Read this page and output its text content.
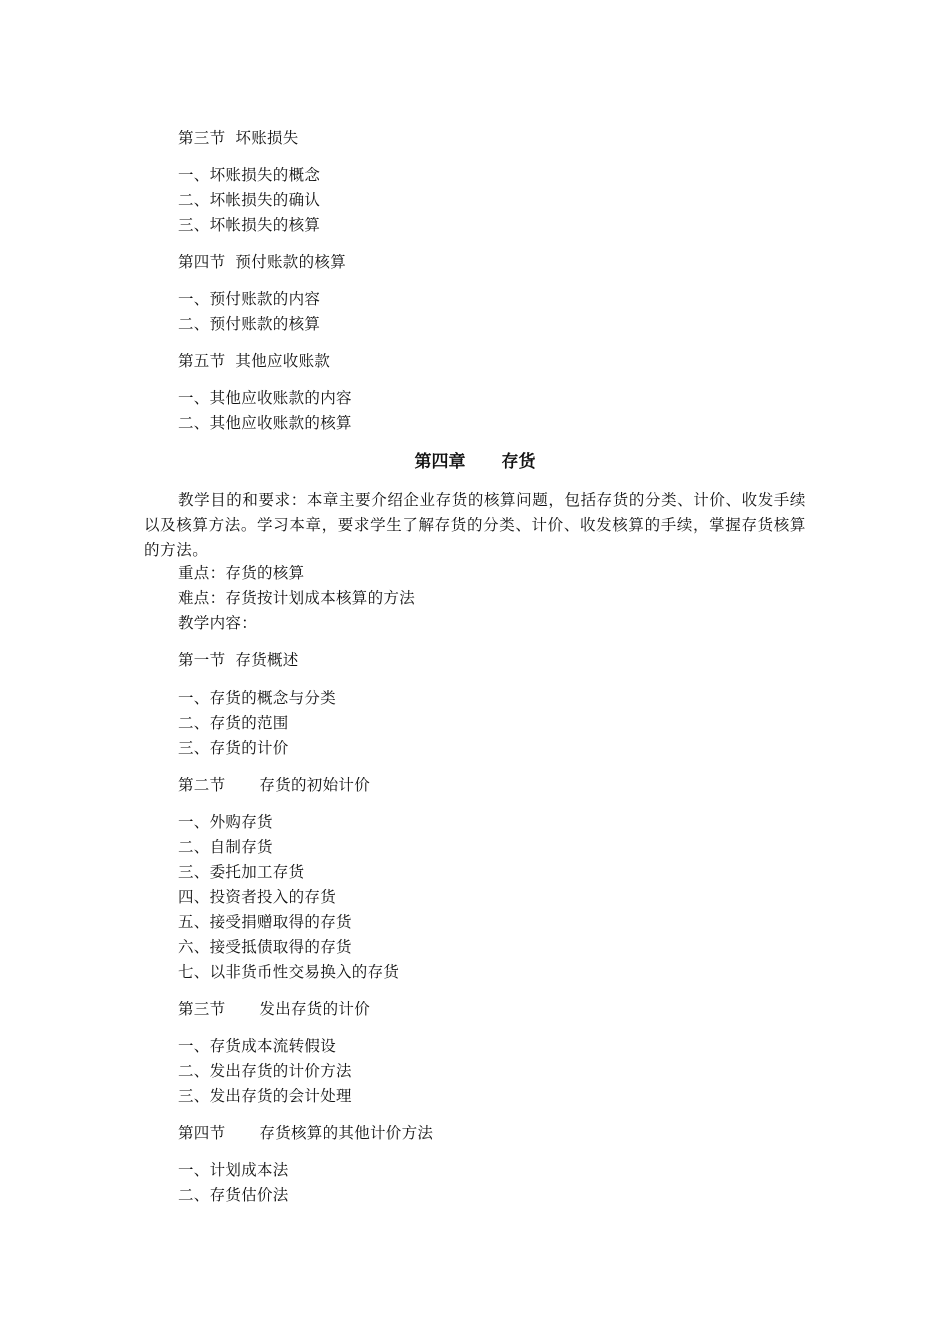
第三节 坏账损失
一、坏账损失的概念
二、坏帐损失的确认
三、坏帐损失的核算
第四节 预付账款的核算
一、预付账款的内容
二、预付账款的核算
第五节 其他应收账款
一、其他应收账款的内容
二、其他应收账款的核算
第四章 存货
教学目的和要求：本章主要介绍企业存货的核算问题，包括存货的分类、计价、收发手续以及核算方法。学习本章，要求学生了解存货的分类、计价、收发核算的手续，掌握存货核算的方法。
重点：存货的核算
难点：存货按计划成本核算的方法
教学内容：
第一节 存货概述
一、存货的概念与分类
二、存货的范围
三、存货的计价
第二节 存货的初始计价
一、外购存货
二、自制存货
三、委托加工存货
四、投资者投入的存货
五、接受捐赠取得的存货
六、接受抵债取得的存货
七、以非货币性交易换入的存货
第三节 发出存货的计价
一、存货成本流转假设
二、发出存货的计价方法
三、发出存货的会计处理
第四节 存货核算的其他计价方法
一、计划成本法
二、存货估价法
